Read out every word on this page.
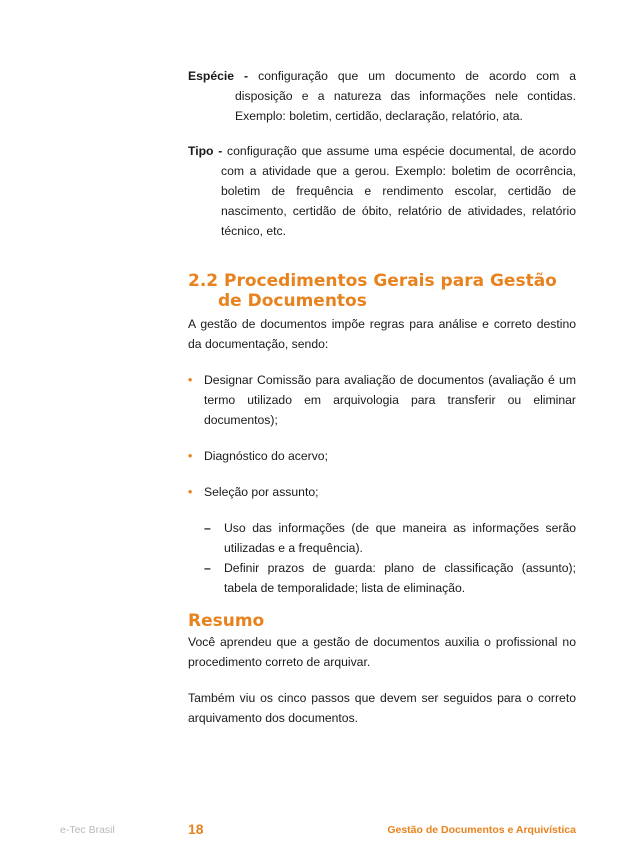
Espécie - configuração que um documento de acordo com a disposição e a natureza das informações nele contidas. Exemplo: boletim, certidão, declaração, relatório, ata.

Tipo - configuração que assume uma espécie documental, de acordo com a atividade que a gerou. Exemplo: boletim de ocorrência, boletim de frequência e rendimento escolar, certidão de nascimento, certidão de óbito, relatório de atividades, relatório técnico, etc.

2.2 Procedimentos Gerais para Gestão de Documentos

A gestão de documentos impõe regras para análise e correto destino da documentação, sendo:

• Designar Comissão para avaliação de documentos (avaliação é um termo utilizado em arquivologia para transferir ou eliminar documentos);
• Diagnóstico do acervo;
• Seleção por assunto;
– Uso das informações (de que maneira as informações serão utilizadas e a frequência).
– Definir prazos de guarda: plano de classificação (assunto); tabela de temporalidade; lista de eliminação.
Resumo

Você aprendeu que a gestão de documentos auxilia o profissional no procedimento correto de arquivar.

Também viu os cinco passos que devem ser seguidos para o correto arquivamento dos documentos.

e-Tec Brasil	18	Gestão de Documentos e Arquivística
